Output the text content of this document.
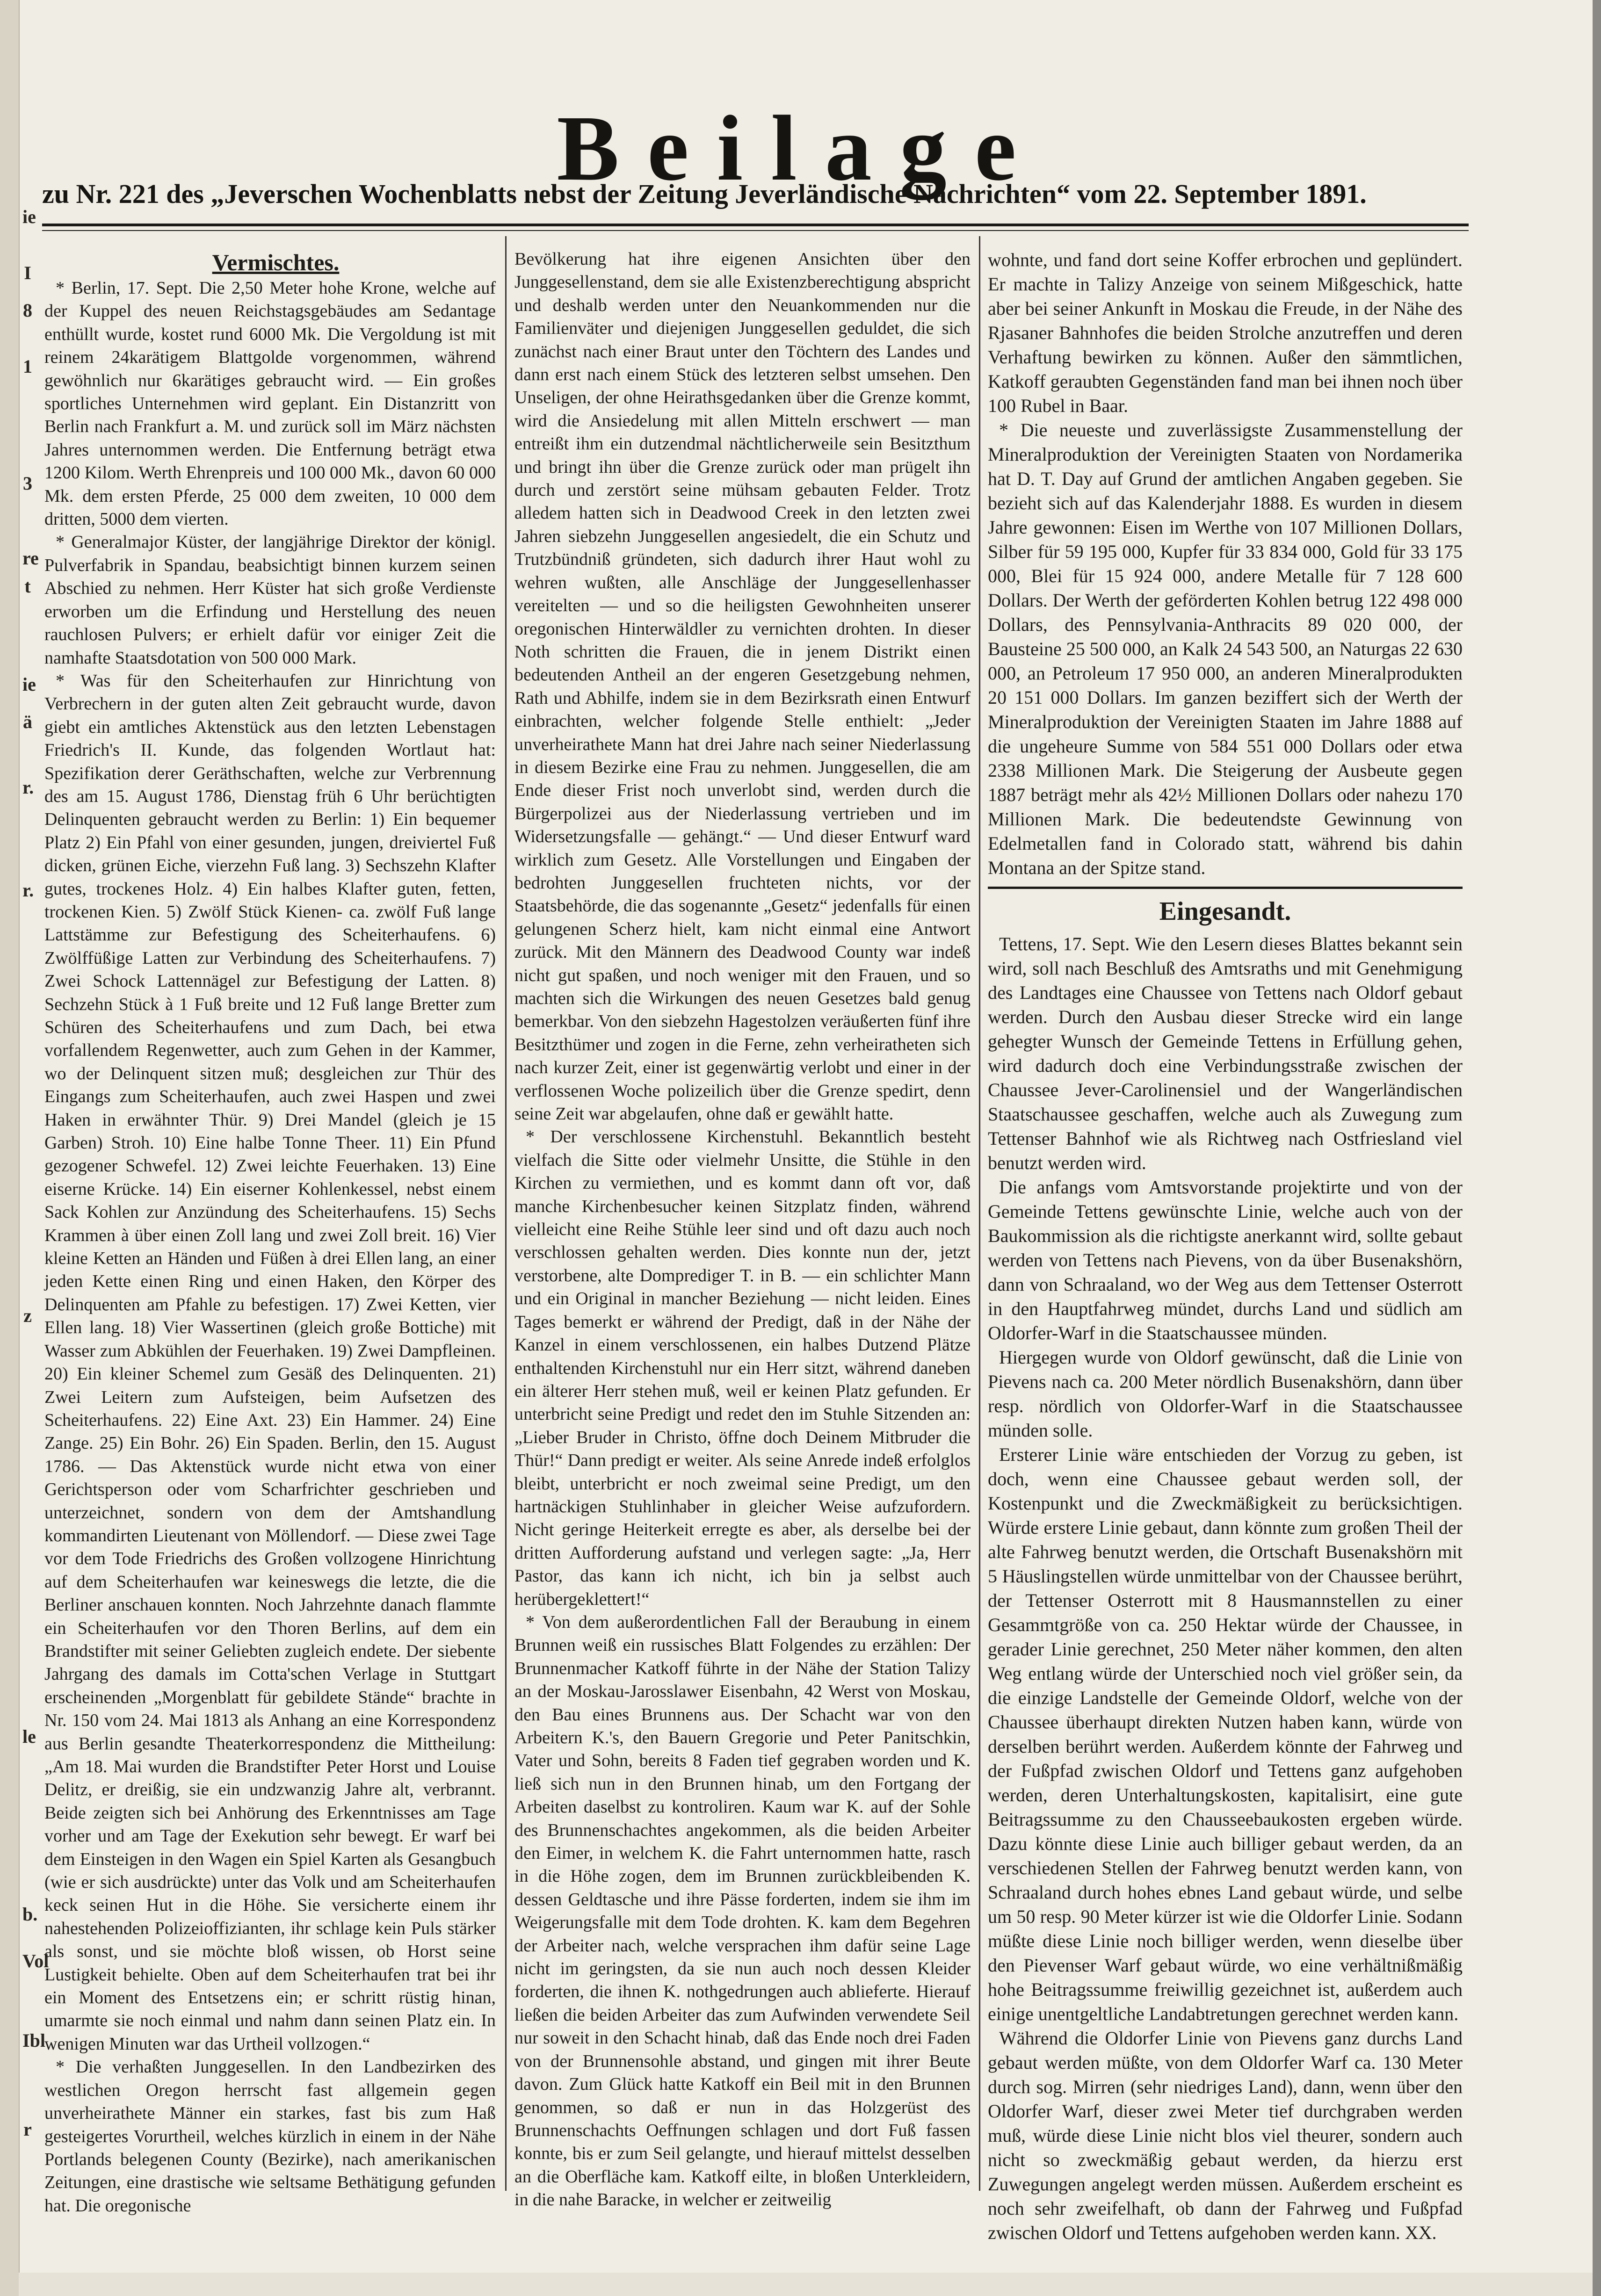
ie
I
8
1
3
re
t
ie
ä
r.
r.
z
le
b.
Vol
Ibl
r
Beilage
zu Nr. 221 des „Jeverschen Wochenblatts nebst der Zeitung Jeverländische Nachrichten“ vom 22. September 1891.

Vermischtes.

* Berlin, 17. Sept. Die 2,50 Meter hohe Krone, welche auf der Kuppel des neuen Reichstagsgebäudes am Sedantage enthüllt wurde, kostet rund 6000 Mk. Die Vergoldung ist mit reinem 24karätigem Blattgolde vorgenommen, während gewöhnlich nur 6karätiges gebraucht wird. — Ein großes sportliches Unternehmen wird geplant. Ein Distanzritt von Berlin nach Frankfurt a. M. und zurück soll im März nächsten Jahres unternommen werden. Die Entfernung beträgt etwa 1200 Kilom. Werth Ehrenpreis und 100 000 Mk., davon 60 000 Mk. dem ersten Pferde, 25 000 dem zweiten, 10 000 dem dritten, 5000 dem vierten.

* Generalmajor Küster, der langjährige Direktor der königl. Pulverfabrik in Spandau, beabsichtigt binnen kurzem seinen Abschied zu nehmen. Herr Küster hat sich große Verdienste erworben um die Erfindung und Herstellung des neuen rauchlosen Pulvers; er erhielt dafür vor einiger Zeit die namhafte Staatsdotation von 500 000 Mark.

* Was für den Scheiterhaufen zur Hinrichtung von Verbrechern in der guten alten Zeit gebraucht wurde, davon giebt ein amtliches Aktenstück aus den letzten Lebenstagen Friedrich's II. Kunde, das folgenden Wortlaut hat: Spezifikation derer Geräthschaften, welche zur Verbrennung des am 15. August 1786, Dienstag früh 6 Uhr berüchtigten Delinquenten gebraucht werden zu Berlin: 1) Ein bequemer Platz 2) Ein Pfahl von einer gesunden, jungen, dreiviertel Fuß dicken, grünen Eiche, vierzehn Fuß lang. 3) Sechszehn Klafter gutes, trockenes Holz. 4) Ein halbes Klafter guten, fetten, trockenen Kien. 5) Zwölf Stück Kienen- ca. zwölf Fuß lange Lattstämme zur Befestigung des Scheiterhaufens. 6) Zwölffüßige Latten zur Verbindung des Scheiterhaufens. 7) Zwei Schock Lattennägel zur Befestigung der Latten. 8) Sechzehn Stück à 1 Fuß breite und 12 Fuß lange Bretter zum Schüren des Scheiterhaufens und zum Dach, bei etwa vorfallendem Regenwetter, auch zum Gehen in der Kammer, wo der Delinquent sitzen muß; desgleichen zur Thür des Eingangs zum Scheiterhaufen, auch zwei Haspen und zwei Haken in erwähnter Thür. 9) Drei Mandel (gleich je 15 Garben) Stroh. 10) Eine halbe Tonne Theer. 11) Ein Pfund gezogener Schwefel. 12) Zwei leichte Feuerhaken. 13) Eine eiserne Krücke. 14) Ein eiserner Kohlenkessel, nebst einem Sack Kohlen zur Anzündung des Scheiterhaufens. 15) Sechs Krammen à über einen Zoll lang und zwei Zoll breit. 16) Vier kleine Ketten an Händen und Füßen à drei Ellen lang, an einer jeden Kette einen Ring und einen Haken, den Körper des Delinquenten am Pfahle zu befestigen. 17) Zwei Ketten, vier Ellen lang. 18) Vier Wassertinen (gleich große Bottiche) mit Wasser zum Abkühlen der Feuerhaken. 19) Zwei Dampfleinen. 20) Ein kleiner Schemel zum Gesäß des Delinquenten. 21) Zwei Leitern zum Aufsteigen, beim Aufsetzen des Scheiterhaufens. 22) Eine Axt. 23) Ein Hammer. 24) Eine Zange. 25) Ein Bohr. 26) Ein Spaden. Berlin, den 15. August 1786. — Das Aktenstück wurde nicht etwa von einer Gerichtsperson oder vom Scharfrichter geschrieben und unterzeichnet, sondern von dem der Amtshandlung kommandirten Lieutenant von Möllendorf. — Diese zwei Tage vor dem Tode Friedrichs des Großen vollzogene Hinrichtung auf dem Scheiterhaufen war keineswegs die letzte, die die Berliner anschauen konnten. Noch Jahrzehnte danach flammte ein Scheiterhaufen vor den Thoren Berlins, auf dem ein Brandstifter mit seiner Geliebten zugleich endete. Der siebente Jahrgang des damals im Cotta'schen Verlage in Stuttgart erscheinenden „Morgenblatt für gebildete Stände“ brachte in Nr. 150 vom 24. Mai 1813 als Anhang an eine Korrespondenz aus Berlin gesandte Theaterkorrespondenz die Mittheilung: „Am 18. Mai wurden die Brandstifter Peter Horst und Louise Delitz, er dreißig, sie ein undzwanzig Jahre alt, verbrannt. Beide zeigten sich bei Anhörung des Erkenntnisses am Tage vorher und am Tage der Exekution sehr bewegt. Er warf bei dem Einsteigen in den Wagen ein Spiel Karten als Gesangbuch (wie er sich ausdrückte) unter das Volk und am Scheiterhaufen keck seinen Hut in die Höhe. Sie versicherte einem ihr nahestehenden Polizeioffizianten, ihr schlage kein Puls stärker als sonst, und sie möchte bloß wissen, ob Horst seine Lustigkeit behielte. Oben auf dem Scheiterhaufen trat bei ihr ein Moment des Entsetzens ein; er schritt rüstig hinan, umarmte sie noch einmal und nahm dann seinen Platz ein. In wenigen Minuten war das Urtheil vollzogen.“

* Die verhaßten Junggesellen. In den Landbezirken des westlichen Oregon herrscht fast allgemein gegen unverheirathete Männer ein starkes, fast bis zum Haß gesteigertes Vorurtheil, welches kürzlich in einem in der Nähe Portlands belegenen County (Bezirke), nach amerikanischen Zeitungen, eine drastische wie seltsame Bethätigung gefunden hat. Die oregonische

Bevölkerung hat ihre eigenen Ansichten über den Junggesellenstand, dem sie alle Existenzberechtigung abspricht und deshalb werden unter den Neuankommenden nur die Familienväter und diejenigen Junggesellen geduldet, die sich zunächst nach einer Braut unter den Töchtern des Landes und dann erst nach einem Stück des letzteren selbst umsehen. Den Unseligen, der ohne Heirathsgedanken über die Grenze kommt, wird die Ansiedelung mit allen Mitteln erschwert — man entreißt ihm ein dutzendmal nächtlicherweile sein Besitzthum und bringt ihn über die Grenze zurück oder man prügelt ihn durch und zerstört seine mühsam gebauten Felder. Trotz alledem hatten sich in Deadwood Creek in den letzten zwei Jahren siebzehn Junggesellen angesiedelt, die ein Schutz und Trutzbündniß gründeten, sich dadurch ihrer Haut wohl zu wehren wußten, alle Anschläge der Junggesellenhasser vereitelten — und so die heiligsten Gewohnheiten unserer oregonischen Hinterwäldler zu vernichten drohten. In dieser Noth schritten die Frauen, die in jenem Distrikt einen bedeutenden Antheil an der engeren Gesetzgebung nehmen, Rath und Abhilfe, indem sie in dem Bezirksrath einen Entwurf einbrachten, welcher folgende Stelle enthielt: „Jeder unverheirathete Mann hat drei Jahre nach seiner Niederlassung in diesem Bezirke eine Frau zu nehmen. Junggesellen, die am Ende dieser Frist noch unverlobt sind, werden durch die Bürgerpolizei aus der Niederlassung vertrieben und im Widersetzungsfalle — gehängt.“ — Und dieser Entwurf ward wirklich zum Gesetz. Alle Vorstellungen und Eingaben der bedrohten Junggesellen fruchteten nichts, vor der Staatsbehörde, die das sogenannte „Gesetz“ jedenfalls für einen gelungenen Scherz hielt, kam nicht einmal eine Antwort zurück. Mit den Männern des Deadwood County war indeß nicht gut spaßen, und noch weniger mit den Frauen, und so machten sich die Wirkungen des neuen Gesetzes bald genug bemerkbar. Von den siebzehn Hagestolzen veräußerten fünf ihre Besitzthümer und zogen in die Ferne, zehn verheiratheten sich nach kurzer Zeit, einer ist gegenwärtig verlobt und einer in der verflossenen Woche polizeilich über die Grenze spedirt, denn seine Zeit war abgelaufen, ohne daß er gewählt hatte.

* Der verschlossene Kirchenstuhl. Bekanntlich besteht vielfach die Sitte oder vielmehr Unsitte, die Stühle in den Kirchen zu vermiethen, und es kommt dann oft vor, daß manche Kirchenbesucher keinen Sitzplatz finden, während vielleicht eine Reihe Stühle leer sind und oft dazu auch noch verschlossen gehalten werden. Dies konnte nun der, jetzt verstorbene, alte Domprediger T. in B. — ein schlichter Mann und ein Original in mancher Beziehung — nicht leiden. Eines Tages bemerkt er während der Predigt, daß in der Nähe der Kanzel in einem verschlossenen, ein halbes Dutzend Plätze enthaltenden Kirchenstuhl nur ein Herr sitzt, während daneben ein älterer Herr stehen muß, weil er keinen Platz gefunden. Er unterbricht seine Predigt und redet den im Stuhle Sitzenden an: „Lieber Bruder in Christo, öffne doch Deinem Mitbruder die Thür!“ Dann predigt er weiter. Als seine Anrede indeß erfolglos bleibt, unterbricht er noch zweimal seine Predigt, um den hartnäckigen Stuhlinhaber in gleicher Weise aufzufordern. Nicht geringe Heiterkeit erregte es aber, als derselbe bei der dritten Aufforderung aufstand und verlegen sagte: „Ja, Herr Pastor, das kann ich nicht, ich bin ja selbst auch herübergeklettert!“

* Von dem außerordentlichen Fall der Beraubung in einem Brunnen weiß ein russisches Blatt Folgendes zu erzählen: Der Brunnenmacher Katkoff führte in der Nähe der Station Talizy an der Moskau-Jarosslawer Eisenbahn, 42 Werst von Moskau, den Bau eines Brunnens aus. Der Schacht war von den Arbeitern K.'s, den Bauern Gregorie und Peter Panitschkin, Vater und Sohn, bereits 8 Faden tief gegraben worden und K. ließ sich nun in den Brunnen hinab, um den Fortgang der Arbeiten daselbst zu kontroliren. Kaum war K. auf der Sohle des Brunnenschachtes angekommen, als die beiden Arbeiter den Eimer, in welchem K. die Fahrt unternommen hatte, rasch in die Höhe zogen, dem im Brunnen zurückbleibenden K. dessen Geldtasche und ihre Pässe forderten, indem sie ihm im Weigerungsfalle mit dem Tode drohten. K. kam dem Begehren der Arbeiter nach, welche versprachen ihm dafür seine Lage nicht im geringsten, da sie nun auch noch dessen Kleider forderten, die ihnen K. nothgedrungen auch ablieferte. Hierauf ließen die beiden Arbeiter das zum Aufwinden verwendete Seil nur soweit in den Schacht hinab, daß das Ende noch drei Faden von der Brunnensohle abstand, und gingen mit ihrer Beute davon. Zum Glück hatte Katkoff ein Beil mit in den Brunnen genommen, so daß er nun in das Holzgerüst des Brunnenschachts Oeffnungen schlagen und dort Fuß fassen konnte, bis er zum Seil gelangte, und hierauf mittelst desselben an die Oberfläche kam. Katkoff eilte, in bloßen Unterkleidern, in die nahe Baracke, in welcher er zeitweilig

wohnte, und fand dort seine Koffer erbrochen und geplündert. Er machte in Talizy Anzeige von seinem Mißgeschick, hatte aber bei seiner Ankunft in Moskau die Freude, in der Nähe des Rjasaner Bahnhofes die beiden Strolche anzutreffen und deren Verhaftung bewirken zu können. Außer den sämmtlichen, Katkoff geraubten Gegenständen fand man bei ihnen noch über 100 Rubel in Baar.

* Die neueste und zuverlässigste Zusammenstellung der Mineralproduktion der Vereinigten Staaten von Nordamerika hat D. T. Day auf Grund der amtlichen Angaben gegeben. Sie bezieht sich auf das Kalenderjahr 1888. Es wurden in diesem Jahre gewonnen: Eisen im Werthe von 107 Millionen Dollars, Silber für 59 195 000, Kupfer für 33 834 000, Gold für 33 175 000, Blei für 15 924 000, andere Metalle für 7 128 600 Dollars. Der Werth der geförderten Kohlen betrug 122 498 000 Dollars, des Pennsylvania-Anthracits 89 020 000, der Bausteine 25 500 000, an Kalk 24 543 500, an Naturgas 22 630 000, an Petroleum 17 950 000, an anderen Mineralprodukten 20 151 000 Dollars. Im ganzen beziffert sich der Werth der Mineralproduktion der Vereinigten Staaten im Jahre 1888 auf die ungeheure Summe von 584 551 000 Dollars oder etwa 2338 Millionen Mark. Die Steigerung der Ausbeute gegen 1887 beträgt mehr als 42½ Millionen Dollars oder nahezu 170 Millionen Mark. Die bedeutendste Gewinnung von Edelmetallen fand in Colorado statt, während bis dahin Montana an der Spitze stand.

Eingesandt.

Tettens, 17. Sept. Wie den Lesern dieses Blattes bekannt sein wird, soll nach Beschluß des Amtsraths und mit Genehmigung des Landtages eine Chaussee von Tettens nach Oldorf gebaut werden. Durch den Ausbau dieser Strecke wird ein lange gehegter Wunsch der Gemeinde Tettens in Erfüllung gehen, wird dadurch doch eine Verbindungsstraße zwischen der Chaussee Jever-Carolinensiel und der Wangerländischen Staatschaussee geschaffen, welche auch als Zuwegung zum Tettenser Bahnhof wie als Richtweg nach Ostfriesland viel benutzt werden wird.

Die anfangs vom Amtsvorstande projektirte und von der Gemeinde Tettens gewünschte Linie, welche auch von der Baukommission als die richtigste anerkannt wird, sollte gebaut werden von Tettens nach Pievens, von da über Busenakshörn, dann von Schraaland, wo der Weg aus dem Tettenser Osterrott in den Hauptfahrweg mündet, durchs Land und südlich am Oldorfer-Warf in die Staatschaussee münden.

Hiergegen wurde von Oldorf gewünscht, daß die Linie von Pievens nach ca. 200 Meter nördlich Busenakshörn, dann über resp. nördlich von Oldorfer-Warf in die Staatschaussee münden solle.

Ersterer Linie wäre entschieden der Vorzug zu geben, ist doch, wenn eine Chaussee gebaut werden soll, der Kostenpunkt und die Zweckmäßigkeit zu berücksichtigen. Würde erstere Linie gebaut, dann könnte zum großen Theil der alte Fahrweg benutzt werden, die Ortschaft Busenakshörn mit 5 Häuslingstellen würde unmittelbar von der Chaussee berührt, der Tettenser Osterrott mit 8 Hausmannstellen zu einer Gesammtgröße von ca. 250 Hektar würde der Chaussee, in gerader Linie gerechnet, 250 Meter näher kommen, den alten Weg entlang würde der Unterschied noch viel größer sein, da die einzige Landstelle der Gemeinde Oldorf, welche von der Chaussee überhaupt direkten Nutzen haben kann, würde von derselben berührt werden. Außerdem könnte der Fahrweg und der Fußpfad zwischen Oldorf und Tettens ganz aufgehoben werden, deren Unterhaltungskosten, kapitalisirt, eine gute Beitragssumme zu den Chausseebaukosten ergeben würde. Dazu könnte diese Linie auch billiger gebaut werden, da an verschiedenen Stellen der Fahrweg benutzt werden kann, von Schraaland durch hohes ebnes Land gebaut würde, und selbe um 50 resp. 90 Meter kürzer ist wie die Oldorfer Linie. Sodann müßte diese Linie noch billiger werden, wenn dieselbe über den Pievenser Warf gebaut würde, wo eine verhältnißmäßig hohe Beitragssumme freiwillig gezeichnet ist, außerdem auch einige unentgeltliche Landabtretungen gerechnet werden kann.

Während die Oldorfer Linie von Pievens ganz durchs Land gebaut werden müßte, von dem Oldorfer Warf ca. 130 Meter durch sog. Mirren (sehr niedriges Land), dann, wenn über den Oldorfer Warf, dieser zwei Meter tief durchgraben werden muß, würde diese Linie nicht blos viel theurer, sondern auch nicht so zweckmäßig gebaut werden, da hierzu erst Zuwegungen angelegt werden müssen. Außerdem erscheint es noch sehr zweifelhaft, ob dann der Fahrweg und Fußpfad zwischen Oldorf und Tettens aufgehoben werden kann. XX.
